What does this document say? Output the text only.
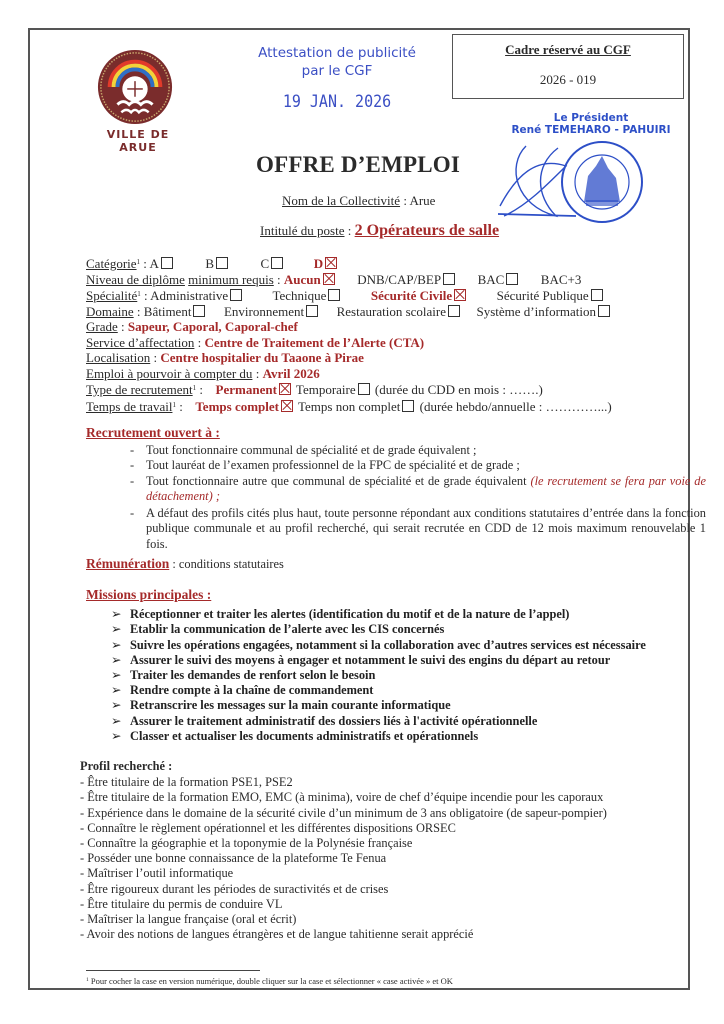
VILLE DE ARUE
Attestation de publicité
par le CGF
19 JAN. 2026
Cadre réservé au CGF
2026 - 019
Le Président
René TEMEHARO - PAHUIRI
OFFRE D’EMPLOI
Nom de la Collectivité : Arue
Intitulé du poste : 2 Opérateurs de salle
Catégorie$^1$ : A	B	C	D
Niveau de diplôme minimum requis : Aucun	DNB/CAP/BEP	BAC	BAC+3
Spécialité$^1$ : Administrative	Technique	Sécurité Civile	Sécurité Publique
Domaine : Bâtiment	Environnement	Restauration scolaire Système d’information
Grade : Sapeur, Caporal, Caporal-chef
Service d’affectation : Centre de Traitement de l’Alerte (CTA)
Localisation : Centre hospitalier du Taaone à Pirae
Emploi à pourvoir à compter du : Avril 2026
Type de recrutement$^1$ :  Permanent Temporaire (durée du CDD en mois : …….)
Temps de travail$^1$ :  Temps complet Temps non complet (durée hebdo/annuelle : …………...)
Recrutement ouvert à :
- Tout fonctionnaire communal de spécialité et de grade équivalent ;
- Tout lauréat de l’examen professionnel de la FPC de spécialité et de grade ;
- Tout fonctionnaire autre que communal de spécialité et de grade équivalent (le recrutement se fera par voie de détachement) ;
- A défaut des profils cités plus haut, toute personne répondant aux conditions statutaires d’entrée dans la fonction publique communale et au profil recherché, qui serait recrutée en CDD de 12 mois maximum renouvelable 1 fois.
Rémunération : conditions statutaires
Missions principales :
➢ Réceptionner et traiter les alertes (identification du motif et de la nature de l’appel)
➢ Etablir la communication de l’alerte avec les CIS concernés
➢ Suivre les opérations engagées, notamment si la collaboration avec d’autres services est nécessaire
➢ Assurer le suivi des moyens à engager et notamment le suivi des engins du départ au retour
➢ Traiter les demandes de renfort selon le besoin
➢ Rendre compte à la chaîne de commandement
➢ Retranscrire les messages sur la main courante informatique
➢ Assurer le traitement administratif des dossiers liés à l'activité opérationnelle
➢ Classer et actualiser les documents administratifs et opérationnels
Profil recherché :
- Être titulaire de la formation PSE1, PSE2
- Être titulaire de la formation EMO, EMC (à minima), voire de chef d’équipe incendie pour les caporaux
- Expérience dans le domaine de la sécurité civile d’un minimum de 3 ans obligatoire (de sapeur-pompier)
- Connaître le règlement opérationnel et les différentes dispositions ORSEC
- Connaître la géographie et la toponymie de la Polynésie française
- Posséder une bonne connaissance de la plateforme Te Fenua
- Maîtriser l’outil informatique
- Être rigoureux durant les périodes de suractivités et de crises
- Être titulaire du permis de conduire VL
- Maîtriser la langue française (oral et écrit)
- Avoir des notions de langues étrangères et de langue tahitienne serait apprécié
$^1$ Pour cocher la case en version numérique, double cliquer sur la case et sélectionner « case activée » et OK
